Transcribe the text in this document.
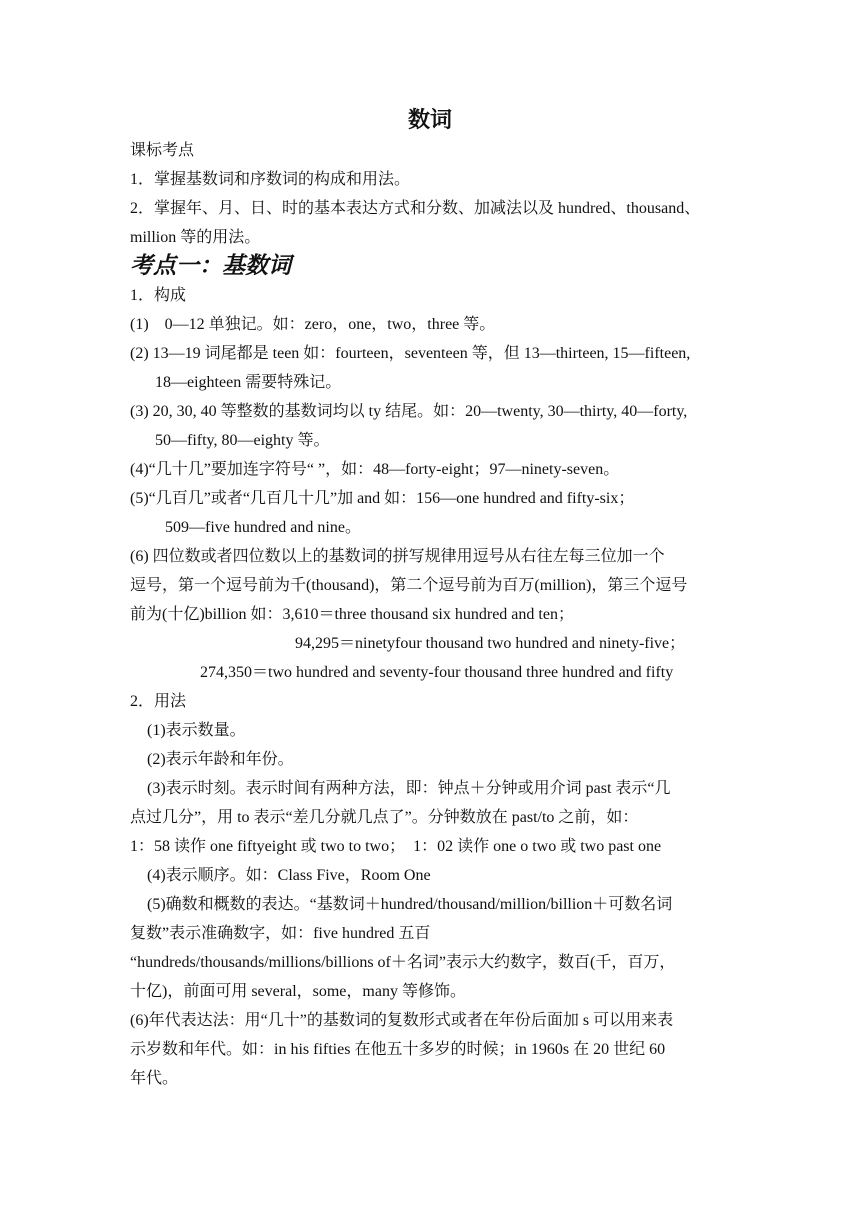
数词
课标考点
1．掌握基数词和序数词的构成和用法。
2．掌握年、月、日、时的基本表达方式和分数、加减法以及 hundred、thousand、
million 等的用法。
考点一：基数词
1．构成
(1)　0—12 单独记。如：zero，one，two，three 等。
(2) 13—19 词尾都是 teen 如：fourteen，seventeen 等，但 13—thirteen, 15—fifteen,
18—eighteen 需要特殊记。
(3) 20, 30, 40 等整数的基数词均以 ty 结尾。如：20—twenty, 30—thirty, 40—forty,
50—fifty, 80—eighty 等。
(4)“几十几”要加连字符号“ ”，如：48—forty-eight；97—ninety-seven。
(5)“几百几”或者“几百几十几”加 and 如：156—one hundred and fifty-six；
509—five hundred and nine。
(6) 四位数或者四位数以上的基数词的拼写规律用逗号从右往左每三位加一个
逗号，第一个逗号前为千(thousand)，第二个逗号前为百万(million)，第三个逗号
前为(十亿)billion 如：3,610＝three thousand six hundred and ten；
94,295＝ninetyfour thousand two hundred and ninety-five；
274,350＝two hundred and seventy-four thousand three hundred and fifty
2．用法
(1)表示数量。
(2)表示年龄和年份。
(3)表示时刻。表示时间有两种方法，即：钟点＋分钟或用介词 past 表示“几
点过几分”，用 to 表示“差几分就几点了”。分钟数放在 past/to 之前，如：
1：58 读作 one fiftyeight 或 two to two；　1：02 读作 one o two 或 two past one
(4)表示顺序。如：Class Five，Room One
(5)确数和概数的表达。“基数词＋hundred/thousand/million/billion＋可数名词
复数”表示准确数字，如：five hundred 五百
“hundreds/thousands/millions/billions of＋名词”表示大约数字，数百(千，百万，
十亿)，前面可用 several，some，many 等修饰。
(6)年代表达法：用“几十”的基数词的复数形式或者在年份后面加 s 可以用来表
示岁数和年代。如：in his fifties 在他五十多岁的时候；in 1960s 在 20 世纪 60
年代。
